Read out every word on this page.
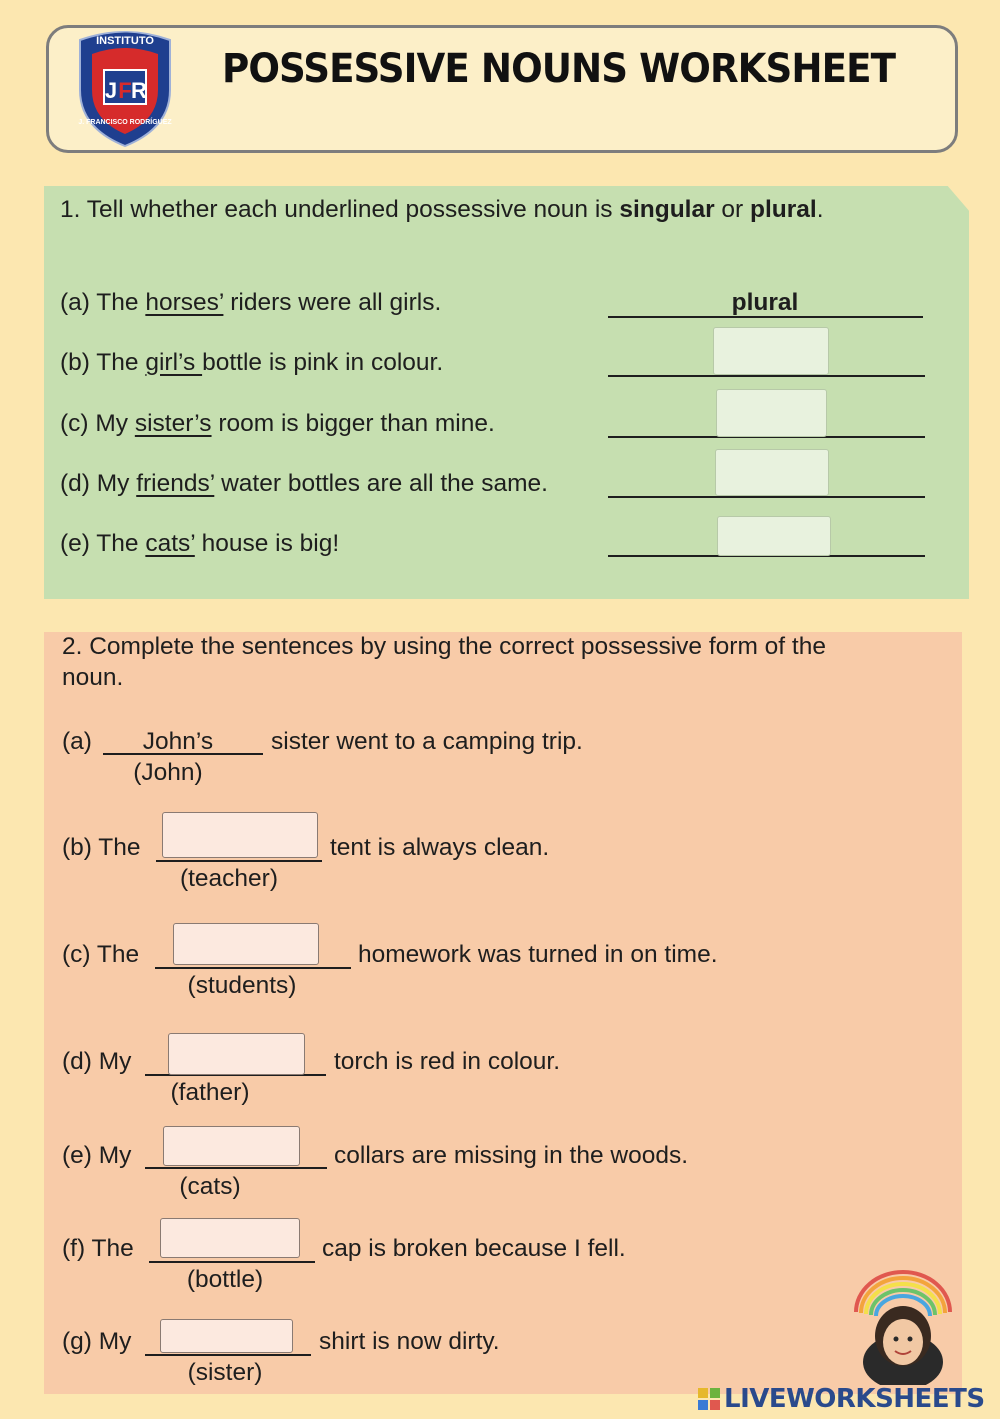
INSTITUTO
J F R
J. FRANCISCO RODRÍGUEZ
POSSESSIVE NOUNS WORKSHEET
1. Tell whether each underlined possessive noun is singular or plural.
(a) The horses’ riders were all girls.	plural
(b) The girl’s bottle is pink in colour.
(c) My sister’s room is bigger than mine.
(d) My friends’ water bottles are all the same.
(e) The cats’ house is big!
2. Complete the sentences by using the correct possessive form of the
noun.
(a)	John’s	sister went to a camping trip.
(John)
(b) The	tent is always clean.
(teacher)
(c) The	homework was turned in on time.
(students)
(d) My	torch is red in colour.
(father)
(e) My	collars are missing in the woods.
(cats)
(f) The	cap is broken because I fell.
(bottle)
(g) My	shirt is now dirty.
(sister)
LIVEWORKSHEETS
